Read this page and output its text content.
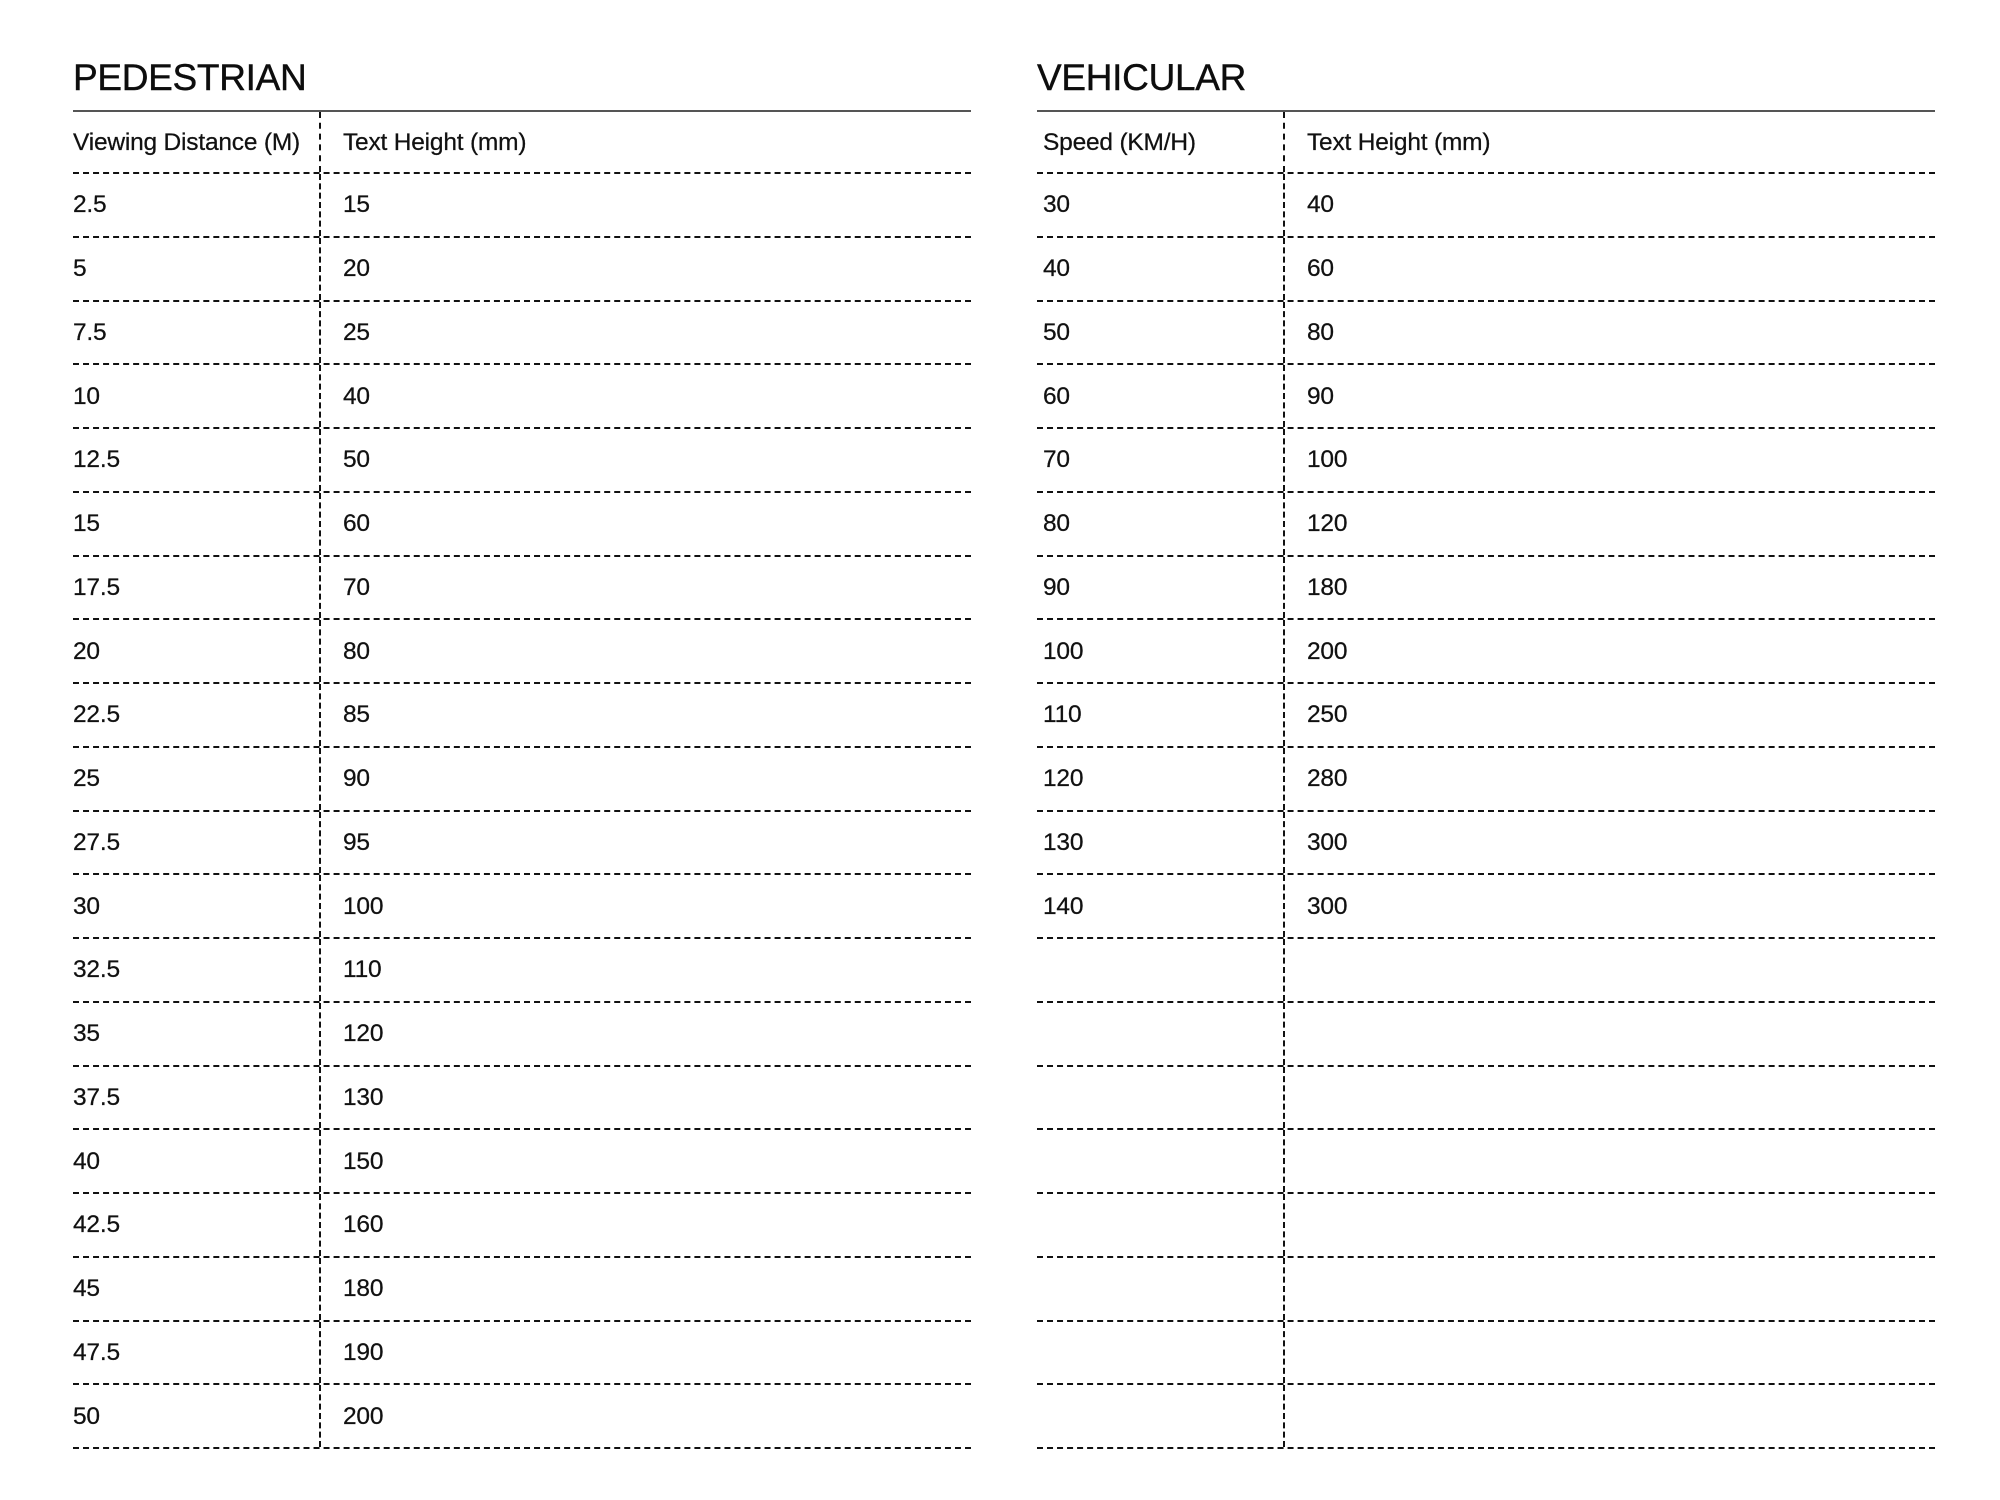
PEDESTRIAN
Viewing Distance (M)	Text Height (mm)
2.5	15
5	20
7.5	25
10	40
12.5	50
15	60
17.5	70
20	80
22.5	85
25	90
27.5	95
30	100
32.5	110
35	120
37.5	130
40	150
42.5	160
45	180
47.5	190
50	200
VEHICULAR
Speed (KM/H)	Text Height (mm)
30	40
40	60
50	80
60	90
70	100
80	120
90	180
100	200
110	250
120	280
130	300
140	300
